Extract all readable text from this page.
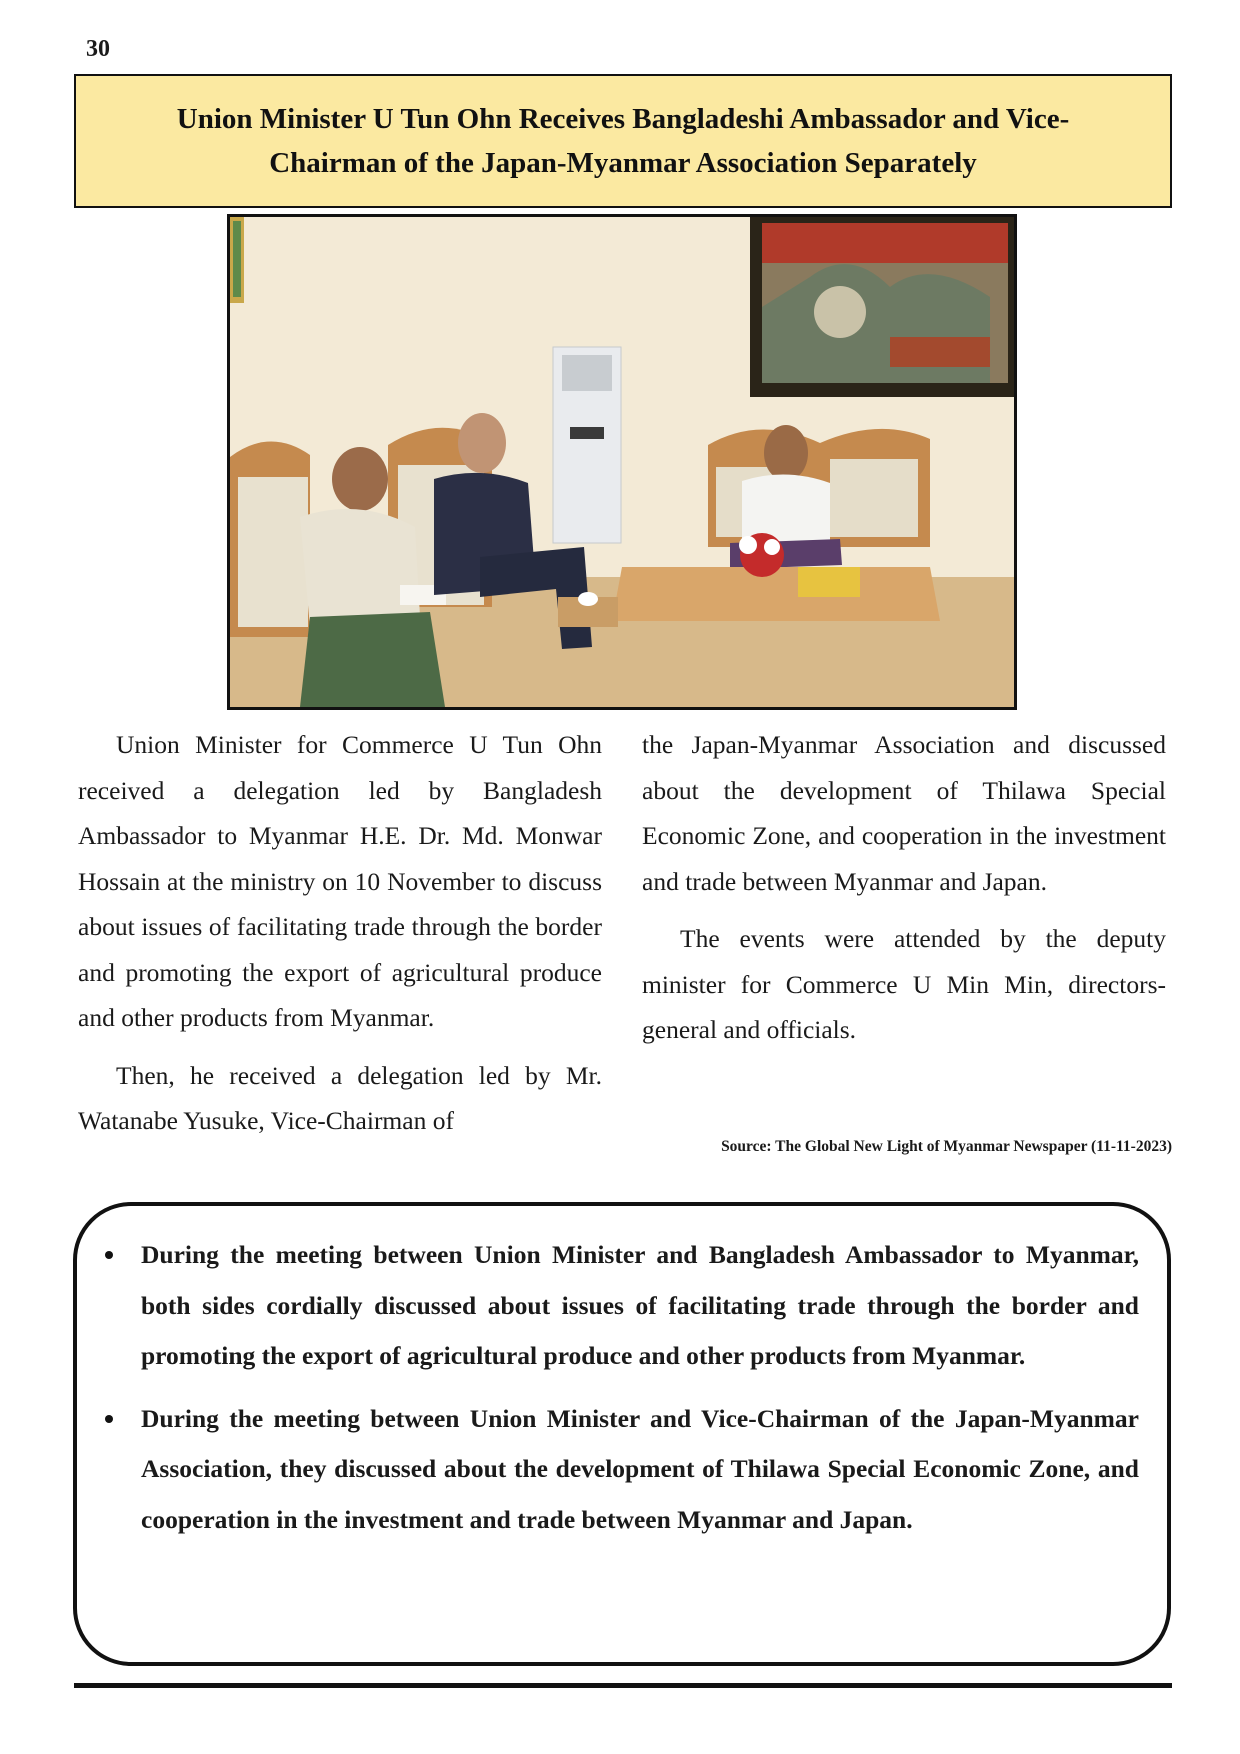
30
Union Minister U Tun Ohn Receives Bangladeshi Ambassador and Vice-Chairman of the Japan-Myanmar Association Separately

Union Minister for Commerce U Tun Ohn received a delegation led by Bangladesh Ambassador to Myanmar H.E. Dr. Md. Monwar Hossain at the ministry on 10 November to discuss about issues of facilitating trade through the border and promoting the export of agricultural produce and other products from Myanmar.

Then, he received a delegation led by Mr. Watanabe Yusuke, Vice-Chairman of

the Japan-Myanmar Association and discussed about the development of Thilawa Special Economic Zone, and cooperation in the investment and trade between Myanmar and Japan.

The events were attended by the deputy minister for Commerce U Min Min, directors-general and officials.

Source: The Global New Light of Myanmar Newspaper (11-11-2023)
During the meeting between Union Minister and Bangladesh Ambassador to Myanmar, both sides cordially discussed about issues of facilitating trade through the border and promoting the export of agricultural produce and other products from Myanmar.
During the meeting between Union Minister and Vice-Chairman of the Japan-Myanmar Association, they discussed about the development of Thilawa Special Economic Zone, and cooperation in the investment and trade between Myanmar and Japan.
